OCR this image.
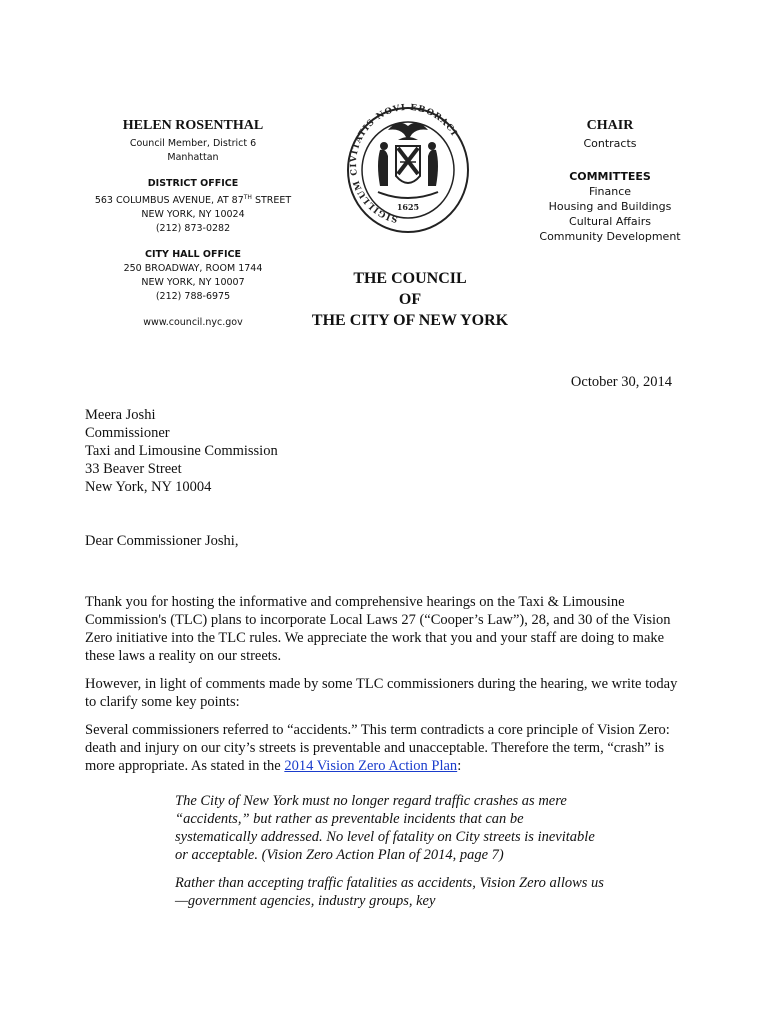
HELEN ROSENTHAL
Council Member, District 6
Manhattan
DISTRICT OFFICE
563 COLUMBUS AVENUE, AT 87TH STREET
NEW YORK, NY 10024
(212) 873-0282
CITY HALL OFFICE
250 BROADWAY, ROOM 1744
NEW YORK, NY 10007
(212) 788-6975
www.council.nyc.gov
SIGILLUM CIVITATIS NOVI EBORACI
1625
CHAIR
Contracts
COMMITTEES
Finance
Housing and Buildings
Cultural Affairs
Community Development
THE COUNCIL
OF
THE CITY OF NEW YORK
October 30, 2014
Meera Joshi
Commissioner
Taxi and Limousine Commission
33 Beaver Street
New York, NY 10004
Dear Commissioner Joshi,

Thank you for hosting the informative and comprehensive hearings on the Taxi & Limousine Commission's (TLC) plans to incorporate Local Laws 27 (“Cooper’s Law”), 28, and 30 of the Vision Zero initiative into the TLC rules. We appreciate the work that you and your staff are doing to make these laws a reality on our streets.

However, in light of comments made by some TLC commissioners during the hearing, we write today to clarify some key points:

Several commissioners referred to “accidents.” This term contradicts a core principle of Vision Zero: death and injury on our city’s streets is preventable and unacceptable. Therefore the term, “crash” is more appropriate. As stated in the 2014 Vision Zero Action Plan:

The City of New York must no longer regard traffic crashes as mere “accidents,” but rather as preventable incidents that can be systematically addressed. No level of fatality on City streets is inevitable or acceptable. (Vision Zero Action Plan of 2014, page 7)

Rather than accepting traffic fatalities as accidents, Vision Zero allows us—government agencies, industry groups, key
